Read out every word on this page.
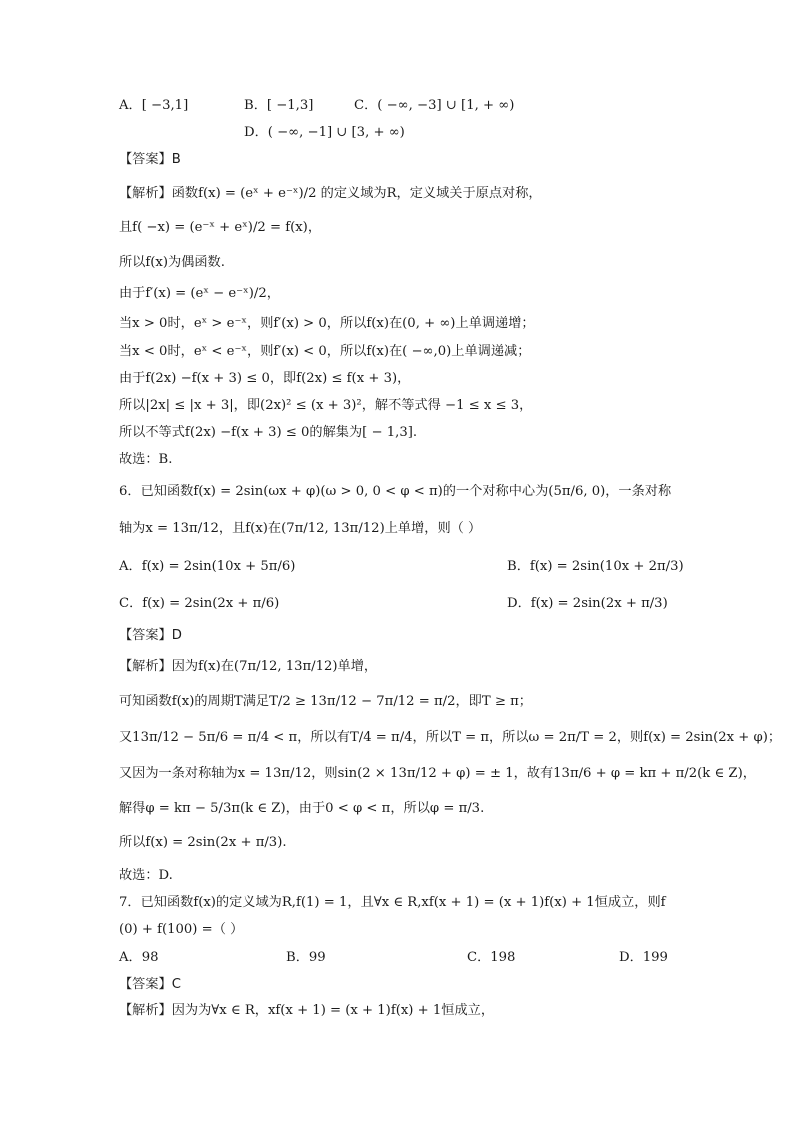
A．[ −3,1]	B．[ −1,3]	C．( −∞, −3] ∪ [1, + ∞)
D．( −∞, −1] ∪ [3, + ∞)
【答案】B
【解析】函数f(x) = (eˣ + e⁻ˣ)/2 的定义域为R，定义域关于原点对称，
且f( −x) = (e⁻ˣ + eˣ)/2 = f(x)，
所以f(x)为偶函数.
由于f′(x) = (eˣ − e⁻ˣ)/2，
当x > 0时，eˣ > e⁻ˣ，则f′(x) > 0，所以f(x)在(0, + ∞)上单调递增；
当x < 0时，eˣ < e⁻ˣ，则f′(x) < 0，所以f(x)在( −∞,0)上单调递减；
由于f(2x) −f(x + 3) ≤ 0，即f(2x) ≤ f(x + 3)，
所以|2x| ≤ |x + 3|，即(2x)² ≤ (x + 3)²，解不等式得 −1 ≤ x ≤ 3，
所以不等式f(2x) −f(x + 3) ≤ 0的解集为[ − 1,3].
故选：B.
6．已知函数f(x) = 2sin(ωx + φ)(ω > 0, 0 < φ < π)的一个对称中心为(5π/6, 0)，一条对称
轴为x = 13π/12，且f(x)在(7π/12, 13π/12)上单增，则（ ）
A．f(x) = 2sin(10x + 5π/6)	B．f(x) = 2sin(10x + 2π/3)
C．f(x) = 2sin(2x + π/6)	D．f(x) = 2sin(2x + π/3)
【答案】D
【解析】因为f(x)在(7π/12, 13π/12)单增，
可知函数f(x)的周期T满足T/2 ≥ 13π/12 − 7π/12 = π/2，即T ≥ π；
又13π/12 − 5π/6 = π/4 < π，所以有T/4 = π/4，所以T = π，所以ω = 2π/T = 2，则f(x) = 2sin(2x + φ)；
又因为一条对称轴为x = 13π/12，则sin(2 × 13π/12 + φ) = ± 1，故有13π/6 + φ = kπ + π/2(k ∈ Z)，
解得φ = kπ − 5/3π(k ∈ Z)，由于0 < φ < π，所以φ = π/3.
所以f(x) = 2sin(2x + π/3).
故选：D.
7．已知函数f(x)的定义域为R,f(1) = 1，且∀x ∈ R,xf(x + 1) = (x + 1)f(x) + 1恒成立，则f
(0) + f(100) =（ ）
A．98	B．99	C．198	D．199
【答案】C
【解析】因为为∀x ∈ R，xf(x + 1) = (x + 1)f(x) + 1恒成立，
